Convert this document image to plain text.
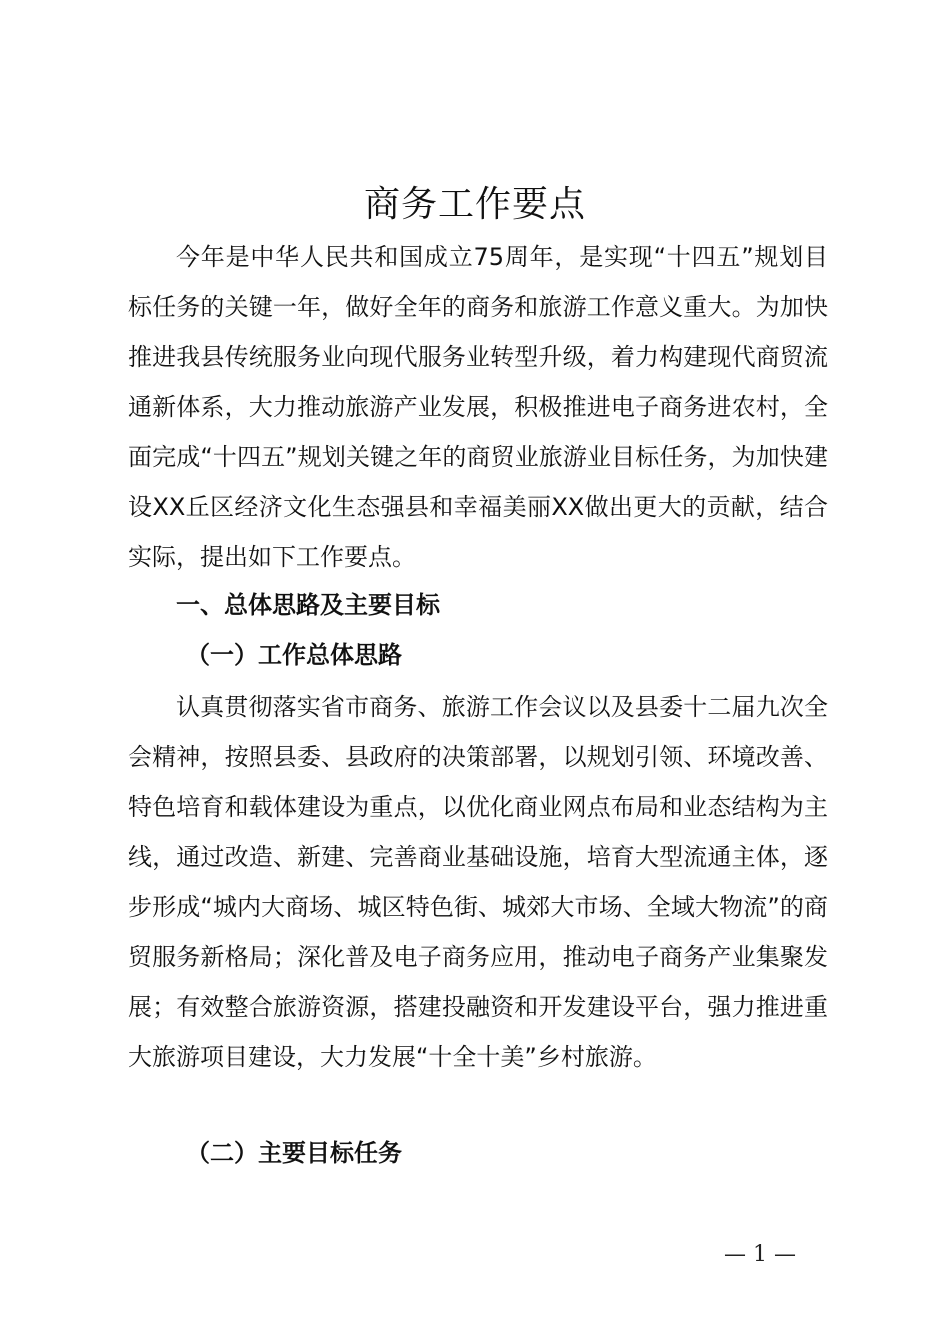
商务工作要点

今年是中华人民共和国成立75周年，是实现“十四五”规划目标任务的关键一年，做好全年的商务和旅游工作意义重大。为加快推进我县传统服务业向现代服务业转型升级，着力构建现代商贸流通新体系，大力推动旅游产业发展，积极推进电子商务进农村，全面完成“十四五”规划关键之年的商贸业旅游业目标任务，为加快建设XX丘区经济文化生态强县和幸福美丽XX做出更大的贡献，结合实际，提出如下工作要点。

一、总体思路及主要目标
（一）工作总体思路

认真贯彻落实省市商务、旅游工作会议以及县委十二届九次全会精神，按照县委、县政府的决策部署，以规划引领、环境改善、特色培育和载体建设为重点，以优化商业网点布局和业态结构为主线，通过改造、新建、完善商业基础设施，培育大型流通主体，逐步形成“城内大商场、城区特色街、城郊大市场、全域大物流”的商贸服务新格局；深化普及电子商务应用，推动电子商务产业集聚发展；有效整合旅游资源，搭建投融资和开发建设平台，强力推进重大旅游项目建设，大力发展“十全十美”乡村旅游。

（二）主要目标任务
— 1 —
